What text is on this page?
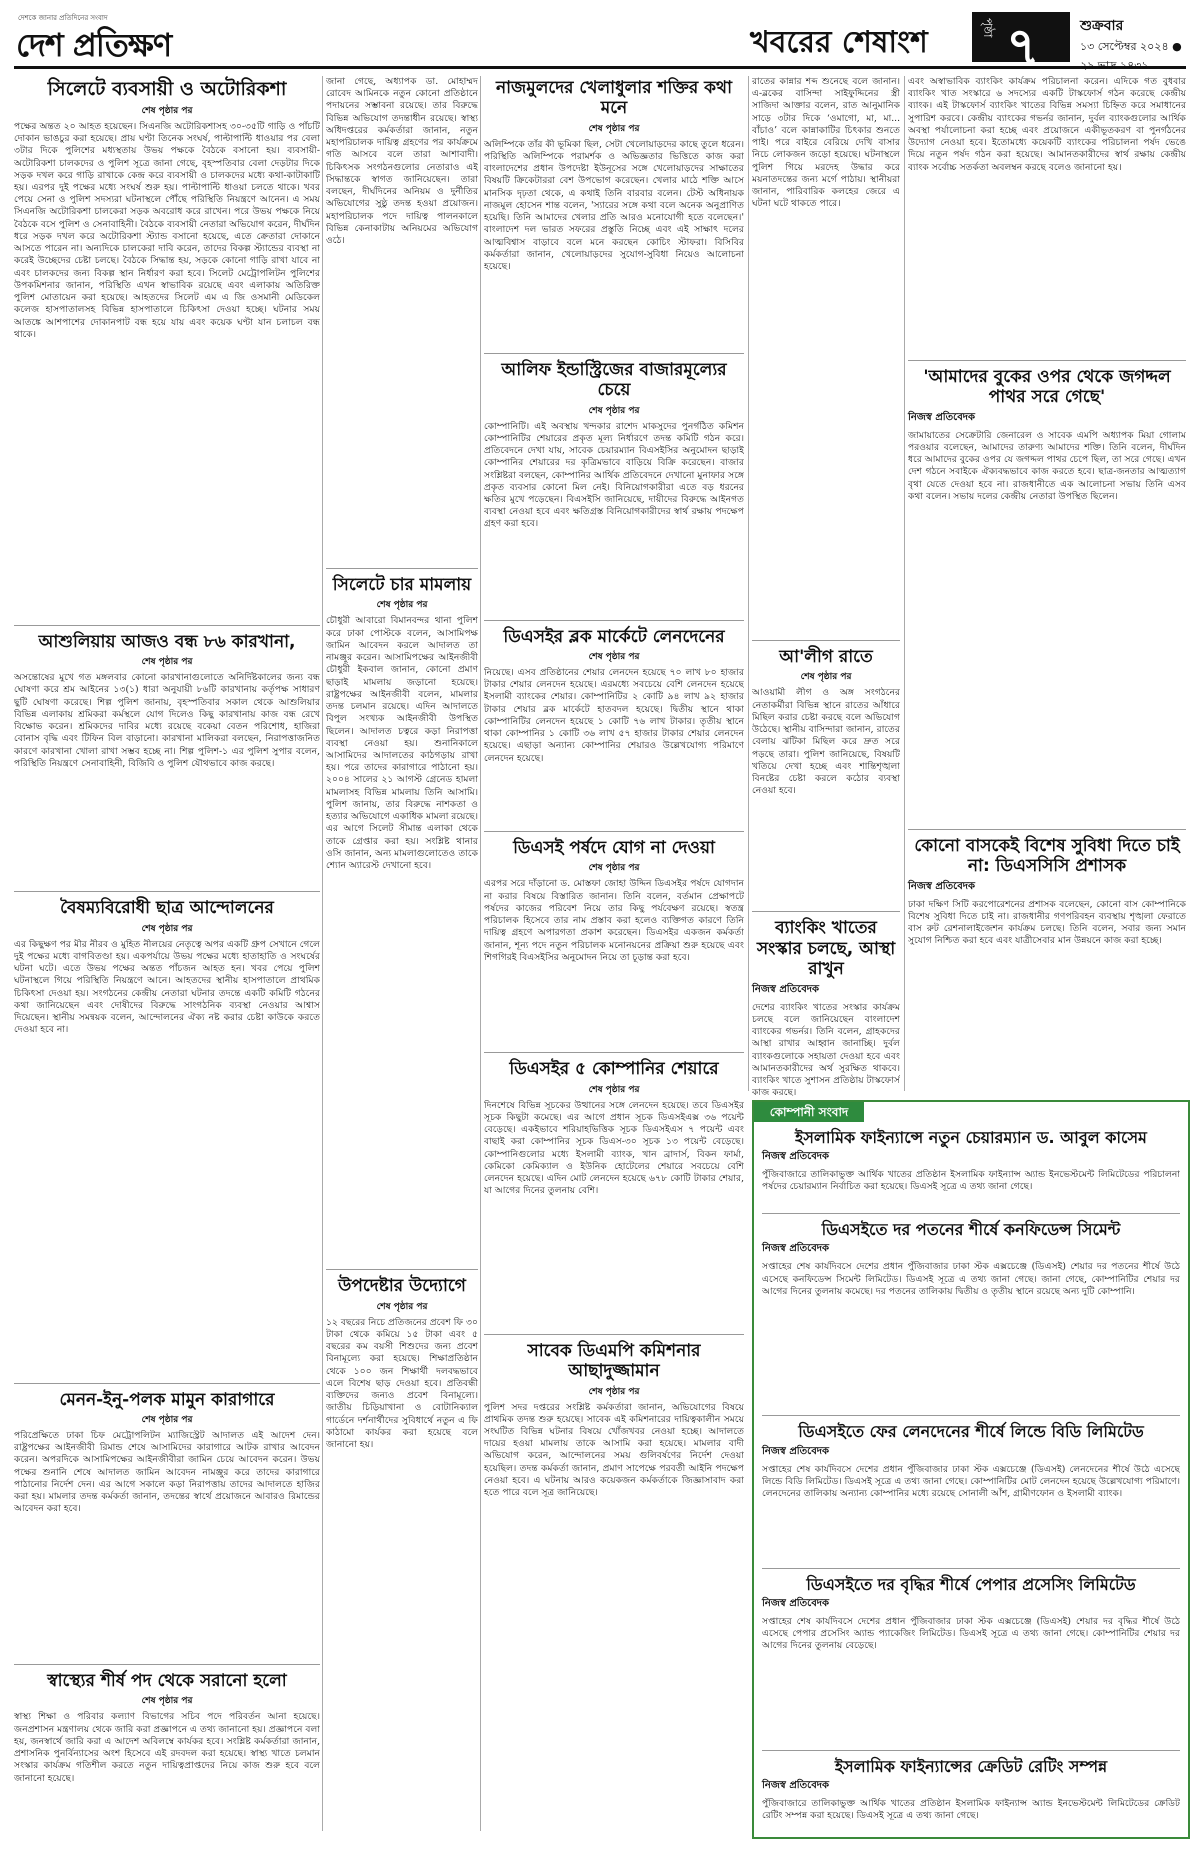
দেশকে জানার প্রতিদিনের সংবাদ
দেশ প্রতিক্ষণ	খবরের শেষাংশ	পৃষ্ঠা ৭	শুক্রবার
১৩ সেপ্টেম্বর ২০২৪ ● ২৯ ভাদ্র ১৪৩১
সিলেটে ব্যবসায়ী ও অটোরিকশা
শেষ পৃষ্ঠার পর
পক্ষের অন্তত ২০ আহত হয়েছেন। সিএনজি অটোরিকশাসহ ৩০-৩৫টি গাড়ি ও পাঁচটি দোকান ভাঙচুর করা হয়েছে। প্রায় ঘণ্টা তিনেক সংঘর্ষ, পাল্টাপাল্টি ধাওয়ার পর বেলা ৩টার দিকে পুলিশের মধ্যস্থতায় উভয় পক্ষকে বৈঠকে বসানো হয়। ব্যবসায়ী-অটোরিকশা চালকদের ও পুলিশ সূত্রে জানা গেছে, বৃহস্পতিবার বেলা দেড়টার দিকে সড়ক দখল করে গাড়ি রাখাকে কেন্দ্র করে ব্যবসায়ী ও চালকদের মধ্যে কথা-কাটাকাটি হয়। এরপর দুই পক্ষের মধ্যে সংঘর্ষ শুরু হয়। পাল্টাপাল্টি ধাওয়া চলতে থাকে। খবর পেয়ে সেনা ও পুলিশ সদস্যরা ঘটনাস্থলে পৌঁছে পরিস্থিতি নিয়ন্ত্রণে আনেন। এ সময় সিএনজি অটোরিকশা চালকেরা সড়ক অবরোধ করে রাখেন। পরে উভয় পক্ষকে নিয়ে বৈঠকে বসে পুলিশ ও সেনাবাহিনী। বৈঠকে ব্যবসায়ী নেতারা অভিযোগ করেন, দীর্ঘদিন ধরে সড়ক দখল করে অটোরিকশা স্ট্যান্ড বসানো হয়েছে, এতে ক্রেতারা দোকানে আসতে পারেন না। অন্যদিকে চালকেরা দাবি করেন, তাদের বিকল্প স্ট্যান্ডের ব্যবস্থা না করেই উচ্ছেদের চেষ্টা চলছে। বৈঠকে সিদ্ধান্ত হয়, সড়কে কোনো গাড়ি রাখা যাবে না এবং চালকদের জন্য বিকল্প স্থান নির্ধারণ করা হবে। সিলেট মেট্রোপলিটন পুলিশের উপকমিশনার জানান, পরিস্থিতি এখন স্বাভাবিক রয়েছে এবং এলাকায় অতিরিক্ত পুলিশ মোতায়েন করা হয়েছে। আহতদের সিলেট এম এ জি ওসমানী মেডিকেল কলেজ হাসপাতালসহ বিভিন্ন হাসপাতালে চিকিৎসা দেওয়া হচ্ছে। ঘটনার সময় আতঙ্কে আশপাশের দোকানপাট বন্ধ হয়ে যায় এবং কয়েক ঘণ্টা যান চলাচল বন্ধ থাকে।
আশুলিয়ায় আজও বন্ধ ৮৬ কারখানা,
শেষ পৃষ্ঠার পর
অসন্তোষের মুখে গত মঙ্গলবার কোনো কারখানাগুলোতে অনির্দিষ্টকালের জন্য বন্ধ ঘোষণা করে শ্রম আইনের ১৩(১) ধারা অনুযায়ী ৮৬টি কারখানায় কর্তৃপক্ষ সাধারণ ছুটি ঘোষণা করেছে। শিল্প পুলিশ জানায়, বৃহস্পতিবার সকাল থেকে আশুলিয়ার বিভিন্ন এলাকায় শ্রমিকরা কর্মস্থলে যোগ দিলেও কিছু কারখানায় কাজ বন্ধ রেখে বিক্ষোভ করেন। শ্রমিকদের দাবির মধ্যে রয়েছে বকেয়া বেতন পরিশোধ, হাজিরা বোনাস বৃদ্ধি এবং টিফিন বিল বাড়ানো। কারখানা মালিকরা বলছেন, নিরাপত্তাজনিত কারণে কারখানা খোলা রাখা সম্ভব হচ্ছে না। শিল্প পুলিশ-১ এর পুলিশ সুপার বলেন, পরিস্থিতি নিয়ন্ত্রণে সেনাবাহিনী, বিজিবি ও পুলিশ যৌথভাবে কাজ করছে।
বৈষম্যবিরোধী ছাত্র আন্দোলনের
শেষ পৃষ্ঠার পর
এর কিছুক্ষণ পর মীর নীরব ও মুহিত নীলয়ের নেতৃত্বে অপর একটি গ্রুপ সেখানে গেলে দুই পক্ষের মধ্যে বাগবিতণ্ডা হয়। একপর্যায়ে উভয় পক্ষের মধ্যে হাতাহাতি ও সংঘর্ষের ঘটনা ঘটে। এতে উভয় পক্ষের অন্তত পাঁচজন আহত হন। খবর পেয়ে পুলিশ ঘটনাস্থলে গিয়ে পরিস্থিতি নিয়ন্ত্রণে আনে। আহতদের স্থানীয় হাসপাতালে প্রাথমিক চিকিৎসা দেওয়া হয়। সংগঠনের কেন্দ্রীয় নেতারা ঘটনার তদন্তে একটি কমিটি গঠনের কথা জানিয়েছেন এবং দোষীদের বিরুদ্ধে সাংগঠনিক ব্যবস্থা নেওয়ার আশ্বাস দিয়েছেন। স্থানীয় সমন্বয়ক বলেন, আন্দোলনের ঐক্য নষ্ট করার চেষ্টা কাউকে করতে দেওয়া হবে না।
মেনন-ইনু-পলক মামুন কারাগারে
শেষ পৃষ্ঠার পর
পরিপ্রেক্ষিতে ঢাকা চিফ মেট্রোপলিটন ম্যাজিস্ট্রেট আদালত এই আদেশ দেন। রাষ্ট্রপক্ষের আইনজীবী রিমান্ড শেষে আসামিদের কারাগারে আটক রাখার আবেদন করেন। অপরদিকে আসামিপক্ষের আইনজীবীরা জামিন চেয়ে আবেদন করেন। উভয় পক্ষের শুনানি শেষে আদালত জামিন আবেদন নামঞ্জুর করে তাদের কারাগারে পাঠানোর নির্দেশ দেন। এর আগে সকালে কড়া নিরাপত্তায় তাদের আদালতে হাজির করা হয়। মামলার তদন্ত কর্মকর্তা জানান, তদন্তের স্বার্থে প্রয়োজনে আবারও রিমান্ডের আবেদন করা হবে।
স্বাস্থ্যের শীর্ষ পদ থেকে সরানো হলো
শেষ পৃষ্ঠার পর
স্বাস্থ্য শিক্ষা ও পরিবার কল্যাণ বিভাগের সচিব পদে পরিবর্তন আনা হয়েছে। জনপ্রশাসন মন্ত্রণালয় থেকে জারি করা প্রজ্ঞাপনে এ তথ্য জানানো হয়। প্রজ্ঞাপনে বলা হয়, জনস্বার্থে জারি করা এ আদেশ অবিলম্বে কার্যকর হবে। সংশ্লিষ্ট কর্মকর্তারা জানান, প্রশাসনিক পুনর্বিন্যাসের অংশ হিসেবে এই রদবদল করা হয়েছে। স্বাস্থ্য খাতে চলমান সংস্কার কার্যক্রম গতিশীল করতে নতুন দায়িত্বপ্রাপ্তদের নিয়ে কাজ শুরু হবে বলে জানানো হয়েছে।
জানা গেছে, অধ্যাপক ডা. মোহাম্মদ রোবেদ আমিনকে নতুন কোনো প্রতিষ্ঠানে পদায়নের সম্ভাবনা রয়েছে। তার বিরুদ্ধে বিভিন্ন অভিযোগ তদন্তাধীন রয়েছে। স্বাস্থ্য অধিদপ্তরের কর্মকর্তারা জানান, নতুন মহাপরিচালক দায়িত্ব গ্রহণের পর কার্যক্রমে গতি আসবে বলে তারা আশাবাদী। চিকিৎসক সংগঠনগুলোর নেতারাও এই সিদ্ধান্তকে স্বাগত জানিয়েছেন। তারা বলছেন, দীর্ঘদিনের অনিয়ম ও দুর্নীতির অভিযোগের সুষ্ঠু তদন্ত হওয়া প্রয়োজন। মহাপরিচালক পদে দায়িত্ব পালনকালে বিভিন্ন কেনাকাটায় অনিয়মের অভিযোগ ওঠে।
সিলেটে চার মামলায়
শেষ পৃষ্ঠার পর
চৌধুরী আবারো বিমানবন্দর থানা পুলিশ করে ঢাকা পোস্টকে বলেন, আসামিপক্ষ জামিন আবেদন করলে আদালত তা নামঞ্জুর করেন। আসামিপক্ষের আইনজীবী চৌধুরী ইকবাল জানান, কোনো প্রমাণ ছাড়াই মামলায় জড়ানো হয়েছে। রাষ্ট্রপক্ষের আইনজীবী বলেন, মামলার তদন্ত চলমান রয়েছে। এদিন আদালতে বিপুল সংখ্যক আইনজীবী উপস্থিত ছিলেন। আদালত চত্বরে কড়া নিরাপত্তা ব্যবস্থা নেওয়া হয়। শুনানিকালে আসামিদের আদালতের কাঠগড়ায় রাখা হয়। পরে তাদের কারাগারে পাঠানো হয়। ২০০৪ সালের ২১ আগস্ট গ্রেনেড হামলা মামলাসহ বিভিন্ন মামলায় তিনি আসামি। পুলিশ জানায়, তার বিরুদ্ধে নাশকতা ও হত্যার অভিযোগে একাধিক মামলা রয়েছে। এর আগে সিলেট সীমান্ত এলাকা থেকে তাকে গ্রেপ্তার করা হয়। সংশ্লিষ্ট থানার ওসি জানান, অন্য মামলাগুলোতেও তাকে শ্যোন অ্যারেস্ট দেখানো হবে।
উপদেষ্টার উদ্যোগে
শেষ পৃষ্ঠার পর
১২ বছরের নিচে প্রতিজনের প্রবেশ ফি ৩০ টাকা থেকে কমিয়ে ১৫ টাকা এবং ৫ বছরের কম বয়সী শিশুদের জন্য প্রবেশ বিনামূল্যে করা হয়েছে। শিক্ষাপ্রতিষ্ঠান থেকে ১০০ জন শিক্ষার্থী দলবদ্ধভাবে এলে বিশেষ ছাড় দেওয়া হবে। প্রতিবন্ধী ব্যক্তিদের জন্যও প্রবেশ বিনামূল্যে। জাতীয় চিড়িয়াখানা ও বোটানিক্যাল গার্ডেনে দর্শনার্থীদের সুবিধার্থে নতুন এ ফি কাঠামো কার্যকর করা হয়েছে বলে জানানো হয়।
নাজমুলদের খেলাধুলার শক্তির কথা মনে
শেষ পৃষ্ঠার পর
অলিম্পিকে তাঁর কী ভূমিকা ছিল, সেটা খেলোয়াড়দের কাছে তুলে ধরেন। পরিস্থিতি অলিম্পিকে পরামর্শক ও অভিজ্ঞতার ভিত্তিতে কাজ করা বাংলাদেশের প্রধান উপদেষ্টা ইউনূসের সঙ্গে খেলোয়াড়দের সাক্ষাতের বিষয়টি ক্রিকেটাররা বেশ উপভোগ করেছেন। খেলার মাঠে শক্তি আসে মানসিক দৃঢ়তা থেকে, এ কথাই তিনি বারবার বলেন। টেস্ট অধিনায়ক নাজমুল হোসেন শান্ত বলেন, 'স্যারের সঙ্গে কথা বলে অনেক অনুপ্রাণিত হয়েছি। তিনি আমাদের খেলার প্রতি আরও মনোযোগী হতে বলেছেন।' বাংলাদেশ দল ভারত সফরের প্রস্তুতি নিচ্ছে এবং এই সাক্ষাৎ দলের আত্মবিশ্বাস বাড়াবে বলে মনে করছেন কোচিং স্টাফরা। বিসিবির কর্মকর্তারা জানান, খেলোয়াড়দের সুযোগ-সুবিধা নিয়েও আলোচনা হয়েছে।
আলিফ ইন্ডাস্ট্রিজের বাজারমূল্যের চেয়ে
শেষ পৃষ্ঠার পর
কোম্পানিটি। এই অবস্থায় খন্দকার রাশেদ মাকসুদের পুনর্গঠিত কমিশন কোম্পানিটির শেয়ারের প্রকৃত মূল্য নির্ধারণে তদন্ত কমিটি গঠন করে। প্রতিবেদনে দেখা যায়, সাবেক চেয়ারম্যান বিএসইসির অনুমোদন ছাড়াই কোম্পানির শেয়ারের দর কৃত্রিমভাবে বাড়িয়ে বিক্রি করেছেন। বাজার সংশ্লিষ্টরা বলছেন, কোম্পানির আর্থিক প্রতিবেদনে দেখানো মুনাফার সঙ্গে প্রকৃত ব্যবসার কোনো মিল নেই। বিনিয়োগকারীরা এতে বড় ধরনের ক্ষতির মুখে পড়েছেন। বিএসইসি জানিয়েছে, দায়ীদের বিরুদ্ধে আইনগত ব্যবস্থা নেওয়া হবে এবং ক্ষতিগ্রস্ত বিনিয়োগকারীদের স্বার্থ রক্ষায় পদক্ষেপ গ্রহণ করা হবে।
ডিএসইর ব্লক মার্কেটে লেনদেনের
শেষ পৃষ্ঠার পর
নিয়েছে। এসব প্রতিষ্ঠানের শেয়ার লেনদেন হয়েছে ৭০ লাখ ৮০ হাজার টাকার শেয়ার লেনদেন হয়েছে। এরমধ্যে সবচেয়ে বেশি লেনদেন হয়েছে ইসলামী ব্যাংকের শেয়ার। কোম্পানিটির ২ কোটি ৯৪ লাখ ৯২ হাজার টাকার শেয়ার ব্লক মার্কেটে হাতবদল হয়েছে। দ্বিতীয় স্থানে থাকা কোম্পানিটির লেনদেন হয়েছে ১ কোটি ৭৬ লাখ টাকার। তৃতীয় স্থানে থাকা কোম্পানির ১ কোটি ৩৬ লাখ ৫৭ হাজার টাকার শেয়ার লেনদেন হয়েছে। এছাড়া অন্যান্য কোম্পানির শেয়ারও উল্লেখযোগ্য পরিমাণে লেনদেন হয়েছে।
ডিএসই পর্ষদে যোগ না দেওয়া
শেষ পৃষ্ঠার পর
এরপর সরে দাঁড়ানো ড. মোস্তফা জোহা উদ্দিন ডিএসইর পর্ষদে যোগদান না করার বিষয়ে বিস্তারিত জানান। তিনি বলেন, বর্তমান প্রেক্ষাপটে পর্ষদের কাজের পরিবেশ নিয়ে তার কিছু পর্যবেক্ষণ রয়েছে। স্বতন্ত্র পরিচালক হিসেবে তার নাম প্রস্তাব করা হলেও ব্যক্তিগত কারণে তিনি দায়িত্ব গ্রহণে অপারগতা প্রকাশ করেছেন। ডিএসইর একজন কর্মকর্তা জানান, শূন্য পদে নতুন পরিচালক মনোনয়নের প্রক্রিয়া শুরু হয়েছে এবং শিগগিরই বিএসইসির অনুমোদন নিয়ে তা চূড়ান্ত করা হবে।
ডিএসইর ৫ কোম্পানির শেয়ারে
শেষ পৃষ্ঠার পর
দিনশেষে বিভিন্ন সূচকের উত্থানের সঙ্গে লেনদেন হয়েছে। তবে ডিএসইর সূচক কিছুটা কমেছে। এর আগে প্রধান সূচক ডিএসইএক্স ৩৬ পয়েন্ট বেড়েছে। একইভাবে শরিয়াহভিত্তিক সূচক ডিএসইএস ৭ পয়েন্ট এবং বাছাই করা কোম্পানির সূচক ডিএস-৩০ সূচক ১৩ পয়েন্ট বেড়েছে। কোম্পানিগুলোর মধ্যে ইসলামী ব্যাংক, খান ব্রাদার্স, বিকন ফার্মা, কেমিকো কেমিক্যাল ও ইউনিক হোটেলের শেয়ারে সবচেয়ে বেশি লেনদেন হয়েছে। এদিন মোট লেনদেন হয়েছে ৬৭৮ কোটি টাকার শেয়ার, যা আগের দিনের তুলনায় বেশি।
সাবেক ডিএমপি কমিশনার আছাদুজ্জামান
শেষ পৃষ্ঠার পর
পুলিশ সদর দপ্তরের সংশ্লিষ্ট কর্মকর্তারা জানান, অভিযোগের বিষয়ে প্রাথমিক তদন্ত শুরু হয়েছে। সাবেক এই কমিশনারের দায়িত্বকালীন সময়ে সংঘটিত বিভিন্ন ঘটনার বিষয়ে খোঁজখবর নেওয়া হচ্ছে। আদালতে দায়ের হওয়া মামলায় তাকে আসামি করা হয়েছে। মামলার বাদী অভিযোগ করেন, আন্দোলনের সময় গুলিবর্ষণের নির্দেশ দেওয়া হয়েছিল। তদন্ত কর্মকর্তা জানান, প্রমাণ সাপেক্ষে পরবর্তী আইনি পদক্ষেপ নেওয়া হবে। এ ঘটনায় আরও কয়েকজন কর্মকর্তাকে জিজ্ঞাসাবাদ করা হতে পারে বলে সূত্র জানিয়েছে।
রাতের কান্নার শব্দ শুনেছে বলে জানান। এ-ব্লকের বাসিন্দা সাইফুদ্দিনের স্ত্রী সাজিদা আক্তার বলেন, রাত আনুমানিক সাড়ে ৩টার দিকে ‘ওমাগো, মা, মা... বাঁচাও’ বলে কান্নাকাটির চিৎকার শুনতে পাই। পরে বাইরে বেরিয়ে দেখি বাসার নিচে লোকজন জড়ো হয়েছে। ঘটনাস্থলে পুলিশ গিয়ে মরদেহ উদ্ধার করে ময়নাতদন্তের জন্য মর্গে পাঠায়। স্থানীয়রা জানান, পারিবারিক কলহের জেরে এ ঘটনা ঘটে থাকতে পারে।
আ'লীগ রাতে
শেষ পৃষ্ঠার পর
আওয়ামী লীগ ও অঙ্গ সংগঠনের নেতাকর্মীরা বিভিন্ন স্থানে রাতের আঁধারে মিছিল করার চেষ্টা করছে বলে অভিযোগ উঠেছে। স্থানীয় বাসিন্দারা জানান, রাতের বেলায় ঝটিকা মিছিল করে দ্রুত সরে পড়ছে তারা। পুলিশ জানিয়েছে, বিষয়টি খতিয়ে দেখা হচ্ছে এবং শান্তিশৃঙ্খলা বিনষ্টের চেষ্টা করলে কঠোর ব্যবস্থা নেওয়া হবে।
ব্যাংকিং খাতের সংস্কার চলছে, আস্থা রাখুন
নিজস্ব প্রতিবেদক
দেশের ব্যাংকিং খাতের সংস্কার কার্যক্রম চলছে বলে জানিয়েছেন বাংলাদেশ ব্যাংকের গভর্নর। তিনি বলেন, গ্রাহকদের আস্থা রাখার আহ্বান জানাচ্ছি। দুর্বল ব্যাংকগুলোকে সহায়তা দেওয়া হবে এবং আমানতকারীদের অর্থ সুরক্ষিত থাকবে। ব্যাংকিং খাতে সুশাসন প্রতিষ্ঠায় টাস্কফোর্স কাজ করছে।
এবং অস্বাভাবিক ব্যাংকিং কার্যক্রম পরিচালনা করেন। এদিকে গত বুধবার ব্যাংকিং খাত সংস্কারে ৬ সদস্যের একটি টাস্কফোর্স গঠন করেছে কেন্দ্রীয় ব্যাংক। এই টাস্কফোর্স ব্যাংকিং খাতের বিভিন্ন সমস্যা চিহ্নিত করে সমাধানের সুপারিশ করবে। কেন্দ্রীয় ব্যাংকের গভর্নর জানান, দুর্বল ব্যাংকগুলোর আর্থিক অবস্থা পর্যালোচনা করা হচ্ছে এবং প্রয়োজনে একীভূতকরণ বা পুনর্গঠনের উদ্যোগ নেওয়া হবে। ইতোমধ্যে কয়েকটি ব্যাংকের পরিচালনা পর্ষদ ভেঙে দিয়ে নতুন পর্ষদ গঠন করা হয়েছে। আমানতকারীদের স্বার্থ রক্ষায় কেন্দ্রীয় ব্যাংক সর্বোচ্চ সতর্কতা অবলম্বন করছে বলেও জানানো হয়।
'আমাদের বুকের ওপর থেকে জগদ্দল পাথর সরে গেছে'
নিজস্ব প্রতিবেদক
জামায়াতের সেক্রেটারি জেনারেল ও সাবেক এমপি অধ্যাপক মিয়া গোলাম পরওয়ার বলেছেন, আমাদের তারুণ্য আমাদের শক্তি। তিনি বলেন, দীর্ঘদিন ধরে আমাদের বুকের ওপর যে জগদ্দল পাথর চেপে ছিল, তা সরে গেছে। এখন দেশ গঠনে সবাইকে ঐক্যবদ্ধভাবে কাজ করতে হবে। ছাত্র-জনতার আত্মত্যাগ বৃথা যেতে দেওয়া হবে না। রাজধানীতে এক আলোচনা সভায় তিনি এসব কথা বলেন। সভায় দলের কেন্দ্রীয় নেতারা উপস্থিত ছিলেন।
কোনো বাসকেই বিশেষ সুবিধা দিতে চাই না: ডিএসসিসি প্রশাসক
নিজস্ব প্রতিবেদক
ঢাকা দক্ষিণ সিটি করপোরেশনের প্রশাসক বলেছেন, কোনো বাস কোম্পানিকে বিশেষ সুবিধা দিতে চাই না। রাজধানীর গণপরিবহন ব্যবস্থায় শৃঙ্খলা ফেরাতে বাস রুট রেশনালাইজেশন কার্যক্রম চলছে। তিনি বলেন, সবার জন্য সমান সুযোগ নিশ্চিত করা হবে এবং যাত্রীসেবার মান উন্নয়নে কাজ করা হচ্ছে।
কোম্পানী সংবাদ
ইসলামিক ফাইন্যান্সে নতুন চেয়ারম্যান ড. আবুল কাসেম
নিজস্ব প্রতিবেদক
পুঁজিবাজারে তালিকাভুক্ত আর্থিক খাতের প্রতিষ্ঠান ইসলামিক ফাইন্যান্স অ্যান্ড ইনভেস্টমেন্ট লিমিটেডের পরিচালনা পর্ষদের চেয়ারম্যান নির্বাচিত করা হয়েছে। ডিএসই সূত্রে এ তথ্য জানা গেছে।
ডিএসইতে দর পতনের শীর্ষে কনফিডেন্স সিমেন্ট
নিজস্ব প্রতিবেদক
সপ্তাহের শেষ কার্যদিবসে দেশের প্রধান পুঁজিবাজার ঢাকা স্টক এক্সচেঞ্জে (ডিএসই) শেয়ার দর পতনের শীর্ষে উঠে এসেছে কনফিডেন্স সিমেন্ট লিমিটেড। ডিএসই সূত্রে এ তথ্য জানা গেছে। জানা গেছে, কোম্পানিটির শেয়ার দর আগের দিনের তুলনায় কমেছে। দর পতনের তালিকায় দ্বিতীয় ও তৃতীয় স্থানে রয়েছে অন্য দুটি কোম্পানি।
ডিএসইতে ফের লেনদেনের শীর্ষে লিন্ডে বিডি লিমিটেড
নিজস্ব প্রতিবেদক
সপ্তাহের শেষ কার্যদিবসে দেশের প্রধান পুঁজিবাজার ঢাকা স্টক এক্সচেঞ্জে (ডিএসই) লেনদেনের শীর্ষে উঠে এসেছে লিন্ডে বিডি লিমিটেড। ডিএসই সূত্রে এ তথ্য জানা গেছে। কোম্পানিটির মোট লেনদেন হয়েছে উল্লেখযোগ্য পরিমাণে। লেনদেনের তালিকায় অন্যান্য কোম্পানির মধ্যে রয়েছে সোনালী আঁশ, গ্রামীণফোন ও ইসলামী ব্যাংক।
ডিএসইতে দর বৃদ্ধির শীর্ষে পেপার প্রসেসিং লিমিটেড
নিজস্ব প্রতিবেদক
সপ্তাহের শেষ কার্যদিবসে দেশের প্রধান পুঁজিবাজার ঢাকা স্টক এক্সচেঞ্জে (ডিএসই) শেয়ার দর বৃদ্ধির শীর্ষে উঠে এসেছে পেপার প্রসেসিং অ্যান্ড প্যাকেজিং লিমিটেড। ডিএসই সূত্রে এ তথ্য জানা গেছে। কোম্পানিটির শেয়ার দর আগের দিনের তুলনায় বেড়েছে।
ইসলামিক ফাইন্যান্সের ক্রেডিট রেটিং সম্পন্ন
নিজস্ব প্রতিবেদক
পুঁজিবাজারে তালিকাভুক্ত আর্থিক খাতের প্রতিষ্ঠান ইসলামিক ফাইন্যান্স অ্যান্ড ইনভেস্টমেন্ট লিমিটেডের ক্রেডিট রেটিং সম্পন্ন করা হয়েছে। ডিএসই সূত্রে এ তথ্য জানা গেছে।
